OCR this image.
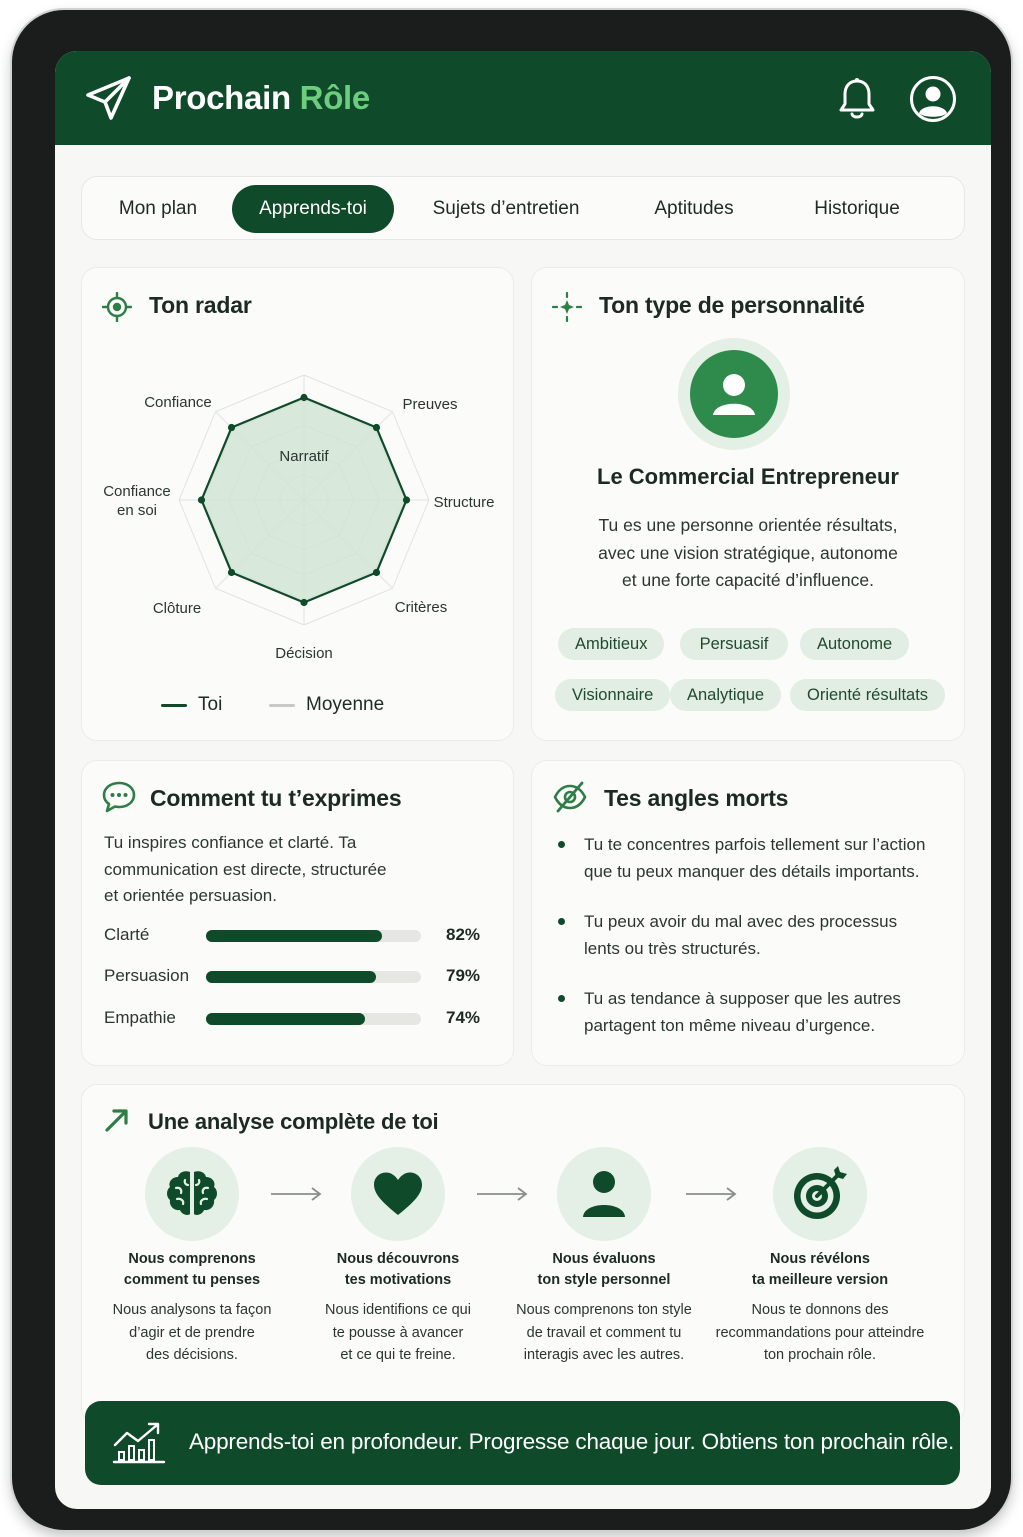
Prochain Rôle
Mon plan	Apprends-toi	Sujets d’entretien	Aptitudes	Historique
Ton radar
Narratif
Preuves
Structure
Critères
Décision
Clôture
Confiance en soi
Confiance
Toi	Moyenne
Ton type de personnalité
Le Commercial Entrepreneur
Tu es une personne orientée résultats,
avec une vision stratégique, autonome
et une forte capacité d’influence.
Ambitieux	Persuasif	Autonome
Visionnaire	Analytique	Orienté résultats
Comment tu t’exprimes
Tu inspires confiance et clarté. Ta
communication est directe, structurée
et orientée persuasion.
Clarté	82%
Persuasion	79%
Empathie	74%
Tes angles morts
Tu te concentres parfois tellement sur l’action
que tu peux manquer des détails importants.
Tu peux avoir du mal avec des processus
lents ou très structurés.
Tu as tendance à supposer que les autres
partagent ton même niveau d’urgence.
Une analyse complète de toi
Nous comprenons
comment tu penses
Nous analysons ta façon
d’agir et de prendre
des décisions.
Nous découvrons
tes motivations
Nous identifions ce qui
te pousse à avancer
et ce qui te freine.
Nous évaluons
ton style personnel
Nous comprenons ton style
de travail et comment tu
interagis avec les autres.
Nous révélons
ta meilleure version
Nous te donnons des
recommandations pour atteindre
ton prochain rôle.
Apprends-toi en profondeur. Progresse chaque jour. Obtiens ton prochain rôle.
